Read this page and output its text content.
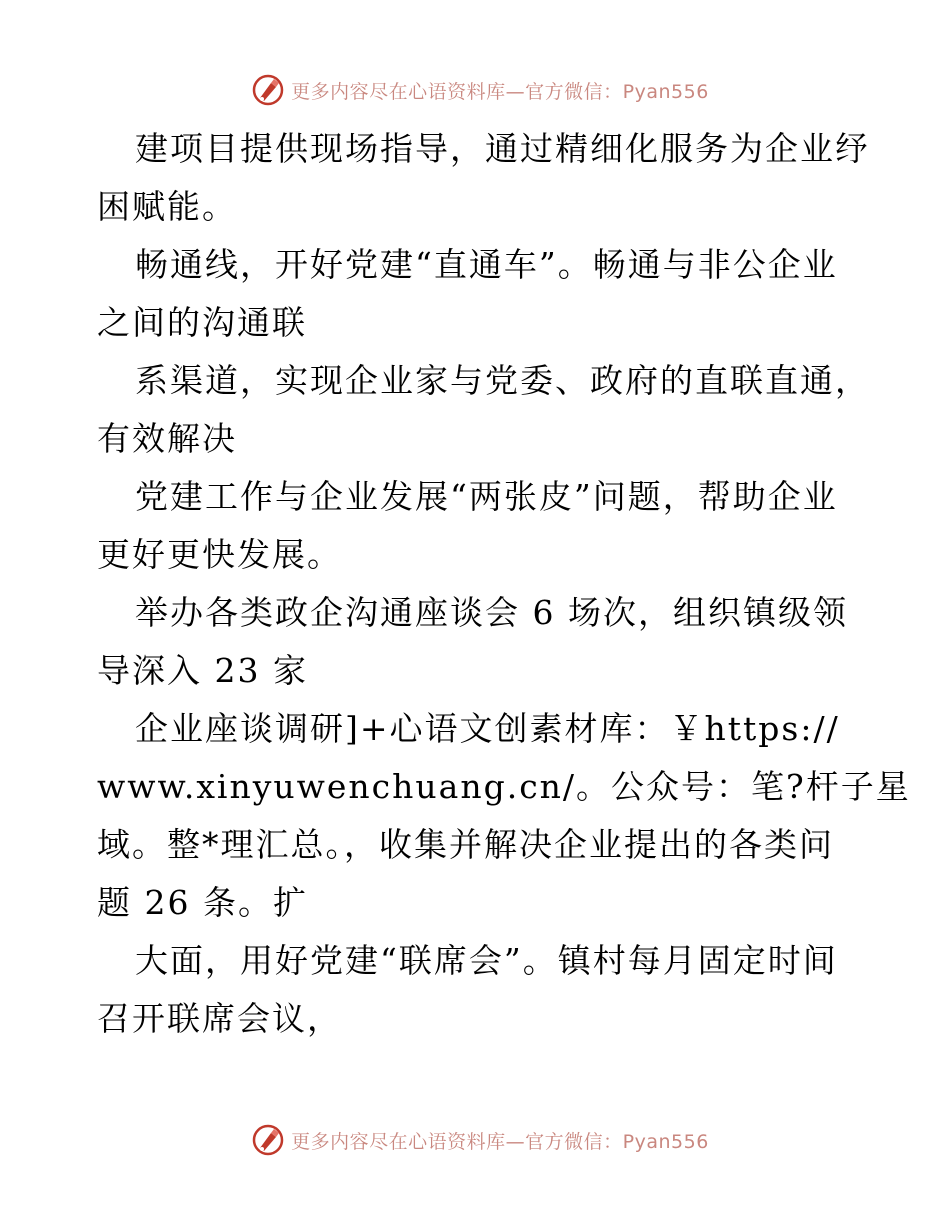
更多内容尽在心语资料库—官方微信：Pyan556
建项目提供现场指导，通过精细化服务为企业纾
困赋能。
畅通线，开好党建“直通车”。畅通与非公企业
之间的沟通联
系渠道，实现企业家与党委、政府的直联直通，
有效解决
党建工作与企业发展“两张皮”问题，帮助企业
更好更快发展。
举办各类政企沟通座谈会 6 场次，组织镇级领
导深入 23 家
企业座谈调研]+心语文创素材库：￥https://
www.xinyuwenchuang.cn/。公众号：笔?杆子星
域。整*理汇总。，收集并解决企业提出的各类问
题 26 条。扩
大面，用好党建“联席会”。镇村每月固定时间
召开联席会议，
更多内容尽在心语资料库—官方微信：Pyan556
